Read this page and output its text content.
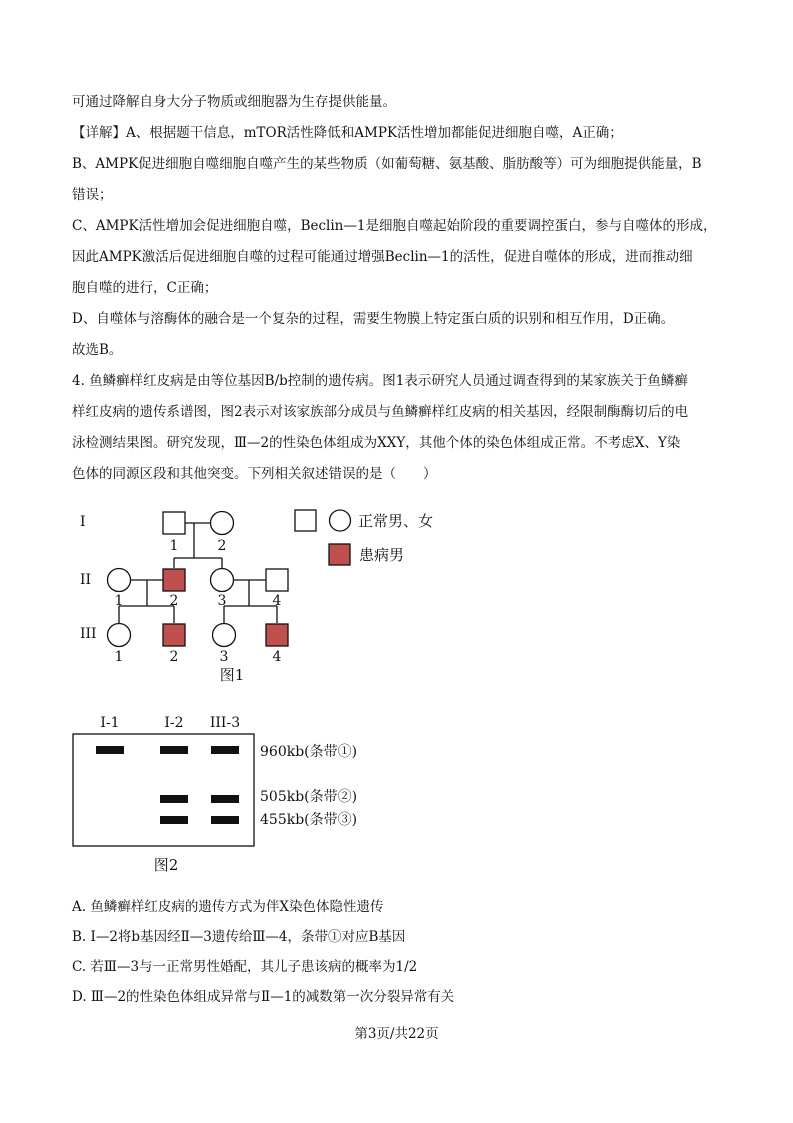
可通过降解自身大分子物质或细胞器为生存提供能量。

【详解】A、根据题干信息，mTOR活性降低和AMPK活性增加都能促进细胞自噬，A正确；

B、AMPK促进细胞自噬细胞自噬产生的某些物质（如葡萄糖、氨基酸、脂肪酸等）可为细胞提供能量，B

错误；

C、AMPK活性增加会促进细胞自噬，Beclin—1是细胞自噬起始阶段的重要调控蛋白，参与自噬体的形成，

因此AMPK激活后促进细胞自噬的过程可能通过增强Beclin—1的活性，促进自噬体的形成，进而推动细

胞自噬的进行，C正确；

D、自噬体与溶酶体的融合是一个复杂的过程，需要生物膜上特定蛋白质的识别和相互作用，D正确。

故选B。

4. 鱼鳞癣样红皮病是由等位基因B/b控制的遗传病。图1表示研究人员通过调查得到的某家族关于鱼鳞癣

样红皮病的遗传系谱图，图2表示对该家族部分成员与鱼鳞癣样红皮病的相关基因，经限制酶酶切后的电

泳检测结果图。研究发现，Ⅲ—2的性染色体组成为XXY，其他个体的染色体组成正常。不考虑X、Y染

色体的同源区段和其他突变。下列相关叙述错误的是（　　）

I
II
III
1	2
1	2	3	4
1	2	3	4
图1
正常男、女
患病男
I-1	I-2 III-3
960kb(条带①)
505kb(条带②)
455kb(条带③)
图2

A. 鱼鳞癣样红皮病的遗传方式为伴X染色体隐性遗传

B. Ⅰ—2将b基因经Ⅱ—3遗传给Ⅲ—4，条带①对应B基因

C. 若Ⅲ—3与一正常男性婚配，其儿子患该病的概率为1/2

D. Ⅲ—2的性染色体组成异常与Ⅱ—1的减数第一次分裂异常有关

第3页/共22页
